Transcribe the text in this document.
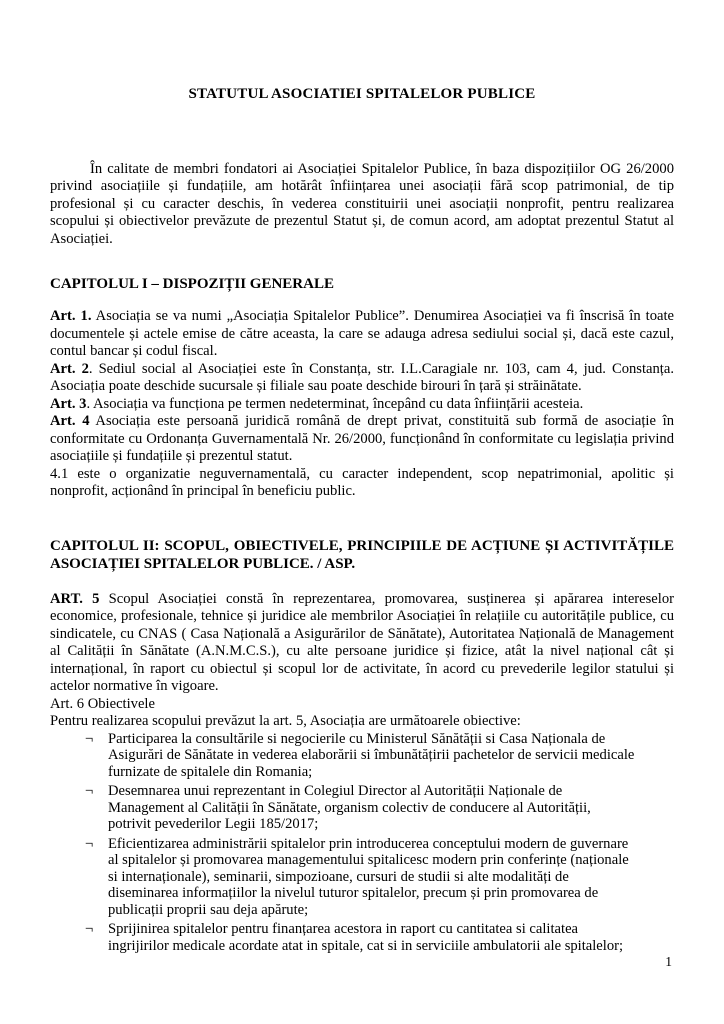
STATUTUL ASOCIATIEI SPITALELOR PUBLICE

În calitate de membri fondatori ai Asociației Spitalelor Publice, în baza dispozițiilor OG 26/2000 privind asociațiile și fundațiile, am hotărât înființarea unei asociații fără scop patrimonial, de tip profesional și cu caracter deschis, în vederea constituirii unei asociații nonprofit, pentru realizarea scopului și obiectivelor prevăzute de prezentul Statut și, de comun acord, am adoptat prezentul Statut al Asociației.

CAPITOLUL I – DISPOZIȚII GENERALE

Art. 1. Asociația se va numi „Asociația Spitalelor Publice”. Denumirea Asociației va fi înscrisă în toate documentele și actele emise de către aceasta, la care se adauga adresa sediului social și, dacă este cazul, contul bancar și codul fiscal.

Art. 2. Sediul social al Asociației este în Constanța, str. I.L.Caragiale nr. 103, cam 4, jud. Constanța. Asociația poate deschide sucursale și filiale sau poate deschide birouri în țară și străinătate.

Art. 3. Asociația va funcționa pe termen nedeterminat, începând cu data înființării acesteia.

Art. 4 Asociația este persoană juridică română de drept privat, constituită sub formă de asociație în conformitate cu Ordonanța Guvernamentală Nr. 26/2000, funcționând în conformitate cu legislația privind asociațiile și fundațiile și prezentul statut.

4.1 este o organizatie neguvernamentală, cu caracter independent, scop nepatrimonial, apolitic și nonprofit, acționând în principal în beneficiu public.

CAPITOLUL II: SCOPUL, OBIECTIVELE, PRINCIPIILE DE ACȚIUNE ȘI ACTIVITĂȚILE ASOCIAȚIEI SPITALELOR PUBLICE. / ASP.

ART. 5 Scopul Asociației constă în reprezentarea, promovarea, susținerea și apărarea intereselor economice, profesionale, tehnice și juridice ale membrilor Asociației în relațiile cu autoritățile publice, cu sindicatele, cu CNAS ( Casa Națională a Asigurărilor de Sănătate), Autoritatea Națională de Management al Calității în Sănătate (A.N.M.C.S.), cu alte persoane juridice și fizice, atât la nivel național cât și internațional, în raport cu obiectul și scopul lor de activitate, în acord cu prevederile legilor statului și actelor normative în vigoare.

Art. 6 Obiectivele

Pentru realizarea scopului prevăzut la art. 5, Asociația are următoarele obiective:

¬	Participarea la consultările si negocierile cu Ministerul Sănătății si Casa Naționala de Asigurări de Sănătate in vederea elaborării si îmbunătățirii pachetelor de servicii medicale furnizate de spitalele din Romania;
¬	Desemnarea unui reprezentant in Colegiul Director al Autorității Naționale de Management al Calității în Sănătate, organism colectiv de conducere al Autorității, potrivit pevederilor Legii 185/2017;
¬	Eficientizarea administrării spitalelor prin introducerea conceptului modern de guvernare al spitalelor și promovarea managementului spitalicesc modern prin conferințe (naționale si internaționale), seminarii, simpozioane, cursuri de studii si alte modalități de diseminarea informațiilor la nivelul tuturor spitalelor, precum și prin promovarea de publicații proprii sau deja apărute;
¬	Sprijinirea spitalelor pentru finanțarea acestora in raport cu cantitatea si calitatea ingrijirilor medicale acordate atat in spitale, cat si in serviciile ambulatorii ale spitalelor;
1
